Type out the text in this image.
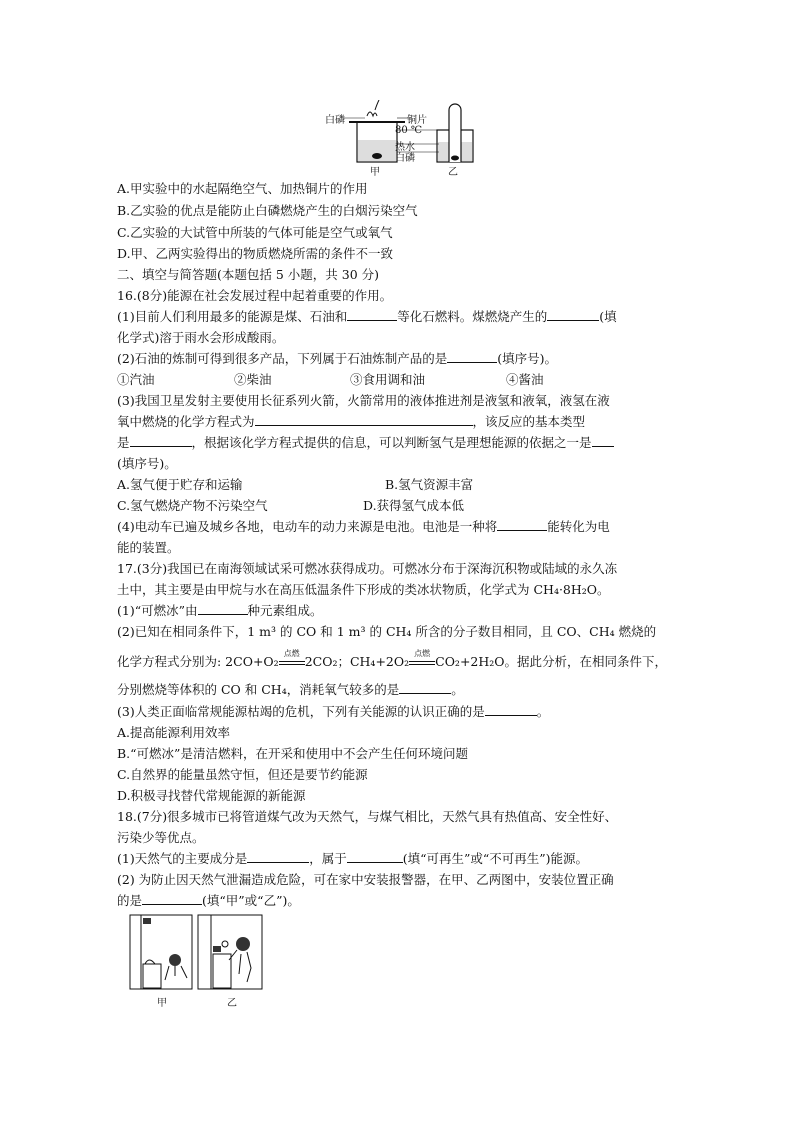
白磷	铜片
80 ℃
热水
白磷
甲	乙
A.甲实验中的水起隔绝空气、加热铜片的作用
B.乙实验的优点是能防止白磷燃烧产生的白烟污染空气
C.乙实验的大试管中所装的气体可能是空气或氧气
D.甲、乙两实验得出的物质燃烧所需的条件不一致
二、填空与简答题(本题包括 5 小题，共 30 分)
16.(8分)能源在社会发展过程中起着重要的作用。
(1)目前人们利用最多的能源是煤、石油和	等化石燃料。煤燃烧产生的	(填
化学式)溶于雨水会形成酸雨。
(2)石油的炼制可得到很多产品，下列属于石油炼制产品的是	(填序号)。
①汽油	②柴油	③食用调和油	④酱油
(3)我国卫星发射主要使用长征系列火箭，火箭常用的液体推进剂是液氢和液氧，液氢在液
氧中燃烧的化学方程式为	，该反应的基本类型
是	，根据该化学方程式提供的信息，可以判断氢气是理想能源的依据之一是
(填序号)。
A.氢气便于贮存和运输	B.氢气资源丰富
C.氢气燃烧产物不污染空气	D.获得氢气成本低
(4)电动车已遍及城乡各地，电动车的动力来源是电池。电池是一种将	能转化为电
能的装置。
17.(3分)我国已在南海领域试采可燃冰获得成功。可燃冰分布于深海沉积物或陆域的永久冻
土中，其主要是由甲烷与水在高压低温条件下形成的类冰状物质，化学式为 CH₄·8H₂O。
(1)“可燃冰”由	种元素组成。
(2)已知在相同条件下，1 m³ 的 CO 和 1 m³ 的 CH₄ 所含的分子数目相同，且 CO、CH₄ 燃烧的
化学方程式分别为: 2CO+O₂
点燃
2CO₂；CH₄+2O₂
点燃
CO₂+2H₂O。据此分析，在相同条件下，
分别燃烧等体积的 CO 和 CH₄，消耗氧气较多的是	。
(3)人类正面临常规能源枯竭的危机，下列有关能源的认识正确的是	。
A.提高能源利用效率
B.“可燃冰”是清洁燃料，在开采和使用中不会产生任何环境问题
C.自然界的能量虽然守恒，但还是要节约能源
D.积极寻找替代常规能源的新能源
18.(7分)很多城市已将管道煤气改为天然气，与煤气相比，天然气具有热值高、安全性好、
污染少等优点。
(1)天然气的主要成分是	，属于	(填“可再生”或“不可再生”)能源。
(2) 为防止因天然气泄漏造成危险，可在家中安装报警器，在甲、乙两图中，安装位置正确
的是	(填“甲”或“乙”)。
甲	乙
